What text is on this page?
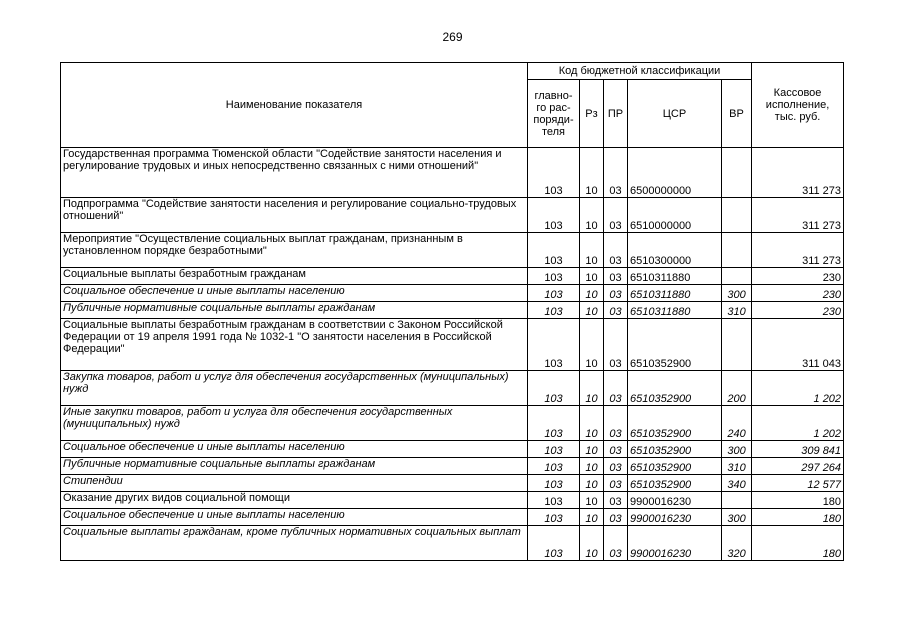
269
Наименование показателя	Код бюджетной классификации					Кассовое исполнение, тыс. руб.
	главно-го рас-поряди-теля	Рз	ПР	ЦСР	ВР	
Государственная программа Тюменской области "Содействие занятости населения и регулирование трудовых и иных непосредственно связанных с ними отношений"	103	10	03	6500000000		311 273
Подпрограмма "Содействие занятости населения и регулирование социально-трудовых отношений"	103	10	03	6510000000		311 273
Мероприятие "Осуществление социальных выплат гражданам, признанным в установленном порядке безработными"	103	10	03	6510300000		311 273
Социальные выплаты безработным гражданам	103	10	03	6510311880		230
Социальное обеспечение и иные выплаты населению	103	10	03	6510311880	300	230
Публичные нормативные социальные выплаты гражданам	103	10	03	6510311880	310	230
Социальные выплаты безработным гражданам в соответствии с Законом Российской Федерации от 19 апреля 1991 года № 1032-1 "О занятости населения в Российской Федерации"	103	10	03	6510352900		311 043
Закупка товаров, работ и услуг для обеспечения государственных (муниципальных) нужд	103	10	03	6510352900	200	1 202
Иные закупки товаров, работ и услуга для обеспечения государственных (муниципальных) нужд	103	10	03	6510352900	240	1 202
Социальное обеспечение и иные выплаты населению	103	10	03	6510352900	300	309 841
Публичные нормативные социальные выплаты гражданам	103	10	03	6510352900	310	297 264
Стипендии	103	10	03	6510352900	340	12 577
Оказание других видов социальной помощи	103	10	03	9900016230		180
Социальное обеспечение и иные выплаты населению	103	10	03	9900016230	300	180
Социальные выплаты гражданам, кроме публичных нормативных социальных выплат	103	10	03	9900016230	320	180
